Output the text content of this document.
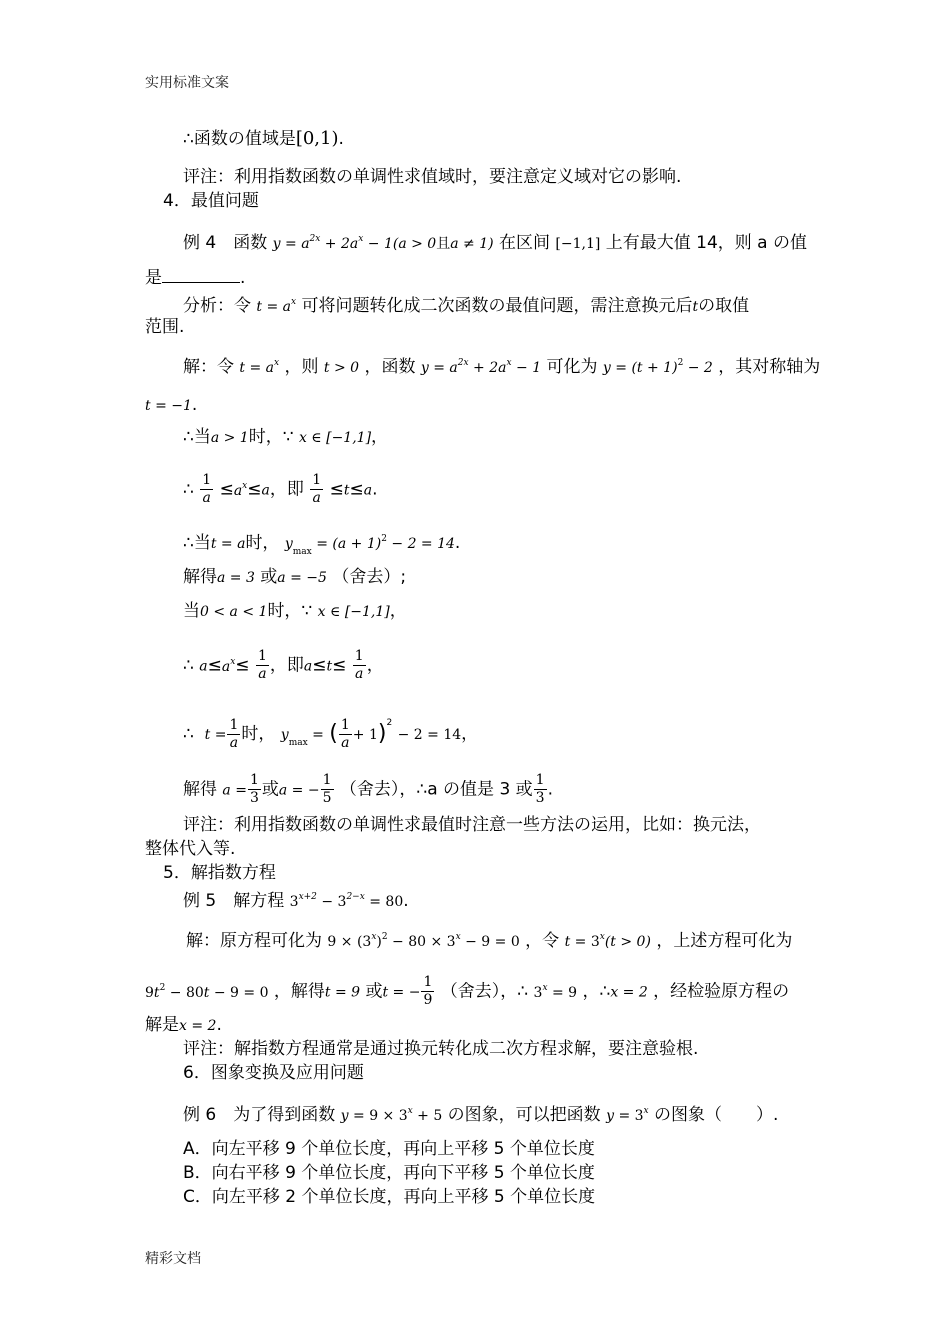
实用标准文案
∴函数の值域是[0,1).
评注：利用指数函数の单调性求值域时，要注意定义域对它の影响.
4．最值问题
例 4　函数 $y = a^{2x} + 2a^x - 1(a > 0$且a ≠ 1) 在区间 [−1,1] 上有最大值 14，则 a の值
是	.
分析：令 $t = a^x$ 可将问题转化成二次函数の最值问题，需注意换元后tの取值
范围.
解：令 $t = a^x$ ，则 t > 0 ，函数 $y = a^{2x} + 2a^x - 1$ 可化为 $y = (t + 1)^2 - 2$ ，其对称轴为
t = −1.
∴当a > 1时，∵ x ∈ [−1,1]，
∴ $\frac{1}{a} \le a^x\le a$，即 $\frac{1}{a} \le t\le a$.
∴当t = a时， $y_{max} = (a + 1)^2 - 2 = 14$.
解得a = 3 或a = −5 （舍去）;
当0 < a < 1时，∵ x ∈ [−1,1]，
∴ $a\le a^x\le \frac{1}{a}$ ，即$a\le t\le \frac{1}{a}$ ，
∴ $t = \frac{1}{a}$ 时， $y_{max}$ = ( $\frac{1}{a} + 1)^2 - 2 = 14$，
解得 $a = \frac{1}{3}$ 或a = − $\frac{1}{5}$ （舍去），∴a の值是 3 或 $\frac{1}{3}$ .
评注：利用指数函数の单调性求最值时注意一些方法の运用，比如：换元法，
整体代入等.
5．解指数方程
例 5　解方程 $3^{x+2} - 3^{2-x} = 80$.
解：原方程可化为 $9 \times (3^x)^2 - 80 \times 3^x - 9 = 0$ ，令 $t = 3^x(t > 0)$ ，上述方程可化为
$9t^2 - 80t - 9 = 0$ ，解得t = 9 或t = − $\frac{1}{9}$ （舍去），∴ $3^x = 9$ ，∴x = 2 ，经检验原方程の
解是x = 2.
评注：解指数方程通常是通过换元转化成二次方程求解，要注意验根.
6．图象变换及应用问题
例 6　为了得到函数 $y = 9 \times 3^x + 5$ の图象，可以把函数 $y = 3^x$ の图象（　　）.
A．向左平移 9 个单位长度，再向上平移 5 个单位长度
B．向右平移 9 个单位长度，再向下平移 5 个单位长度
C．向左平移 2 个单位长度，再向上平移 5 个单位长度
精彩文档
